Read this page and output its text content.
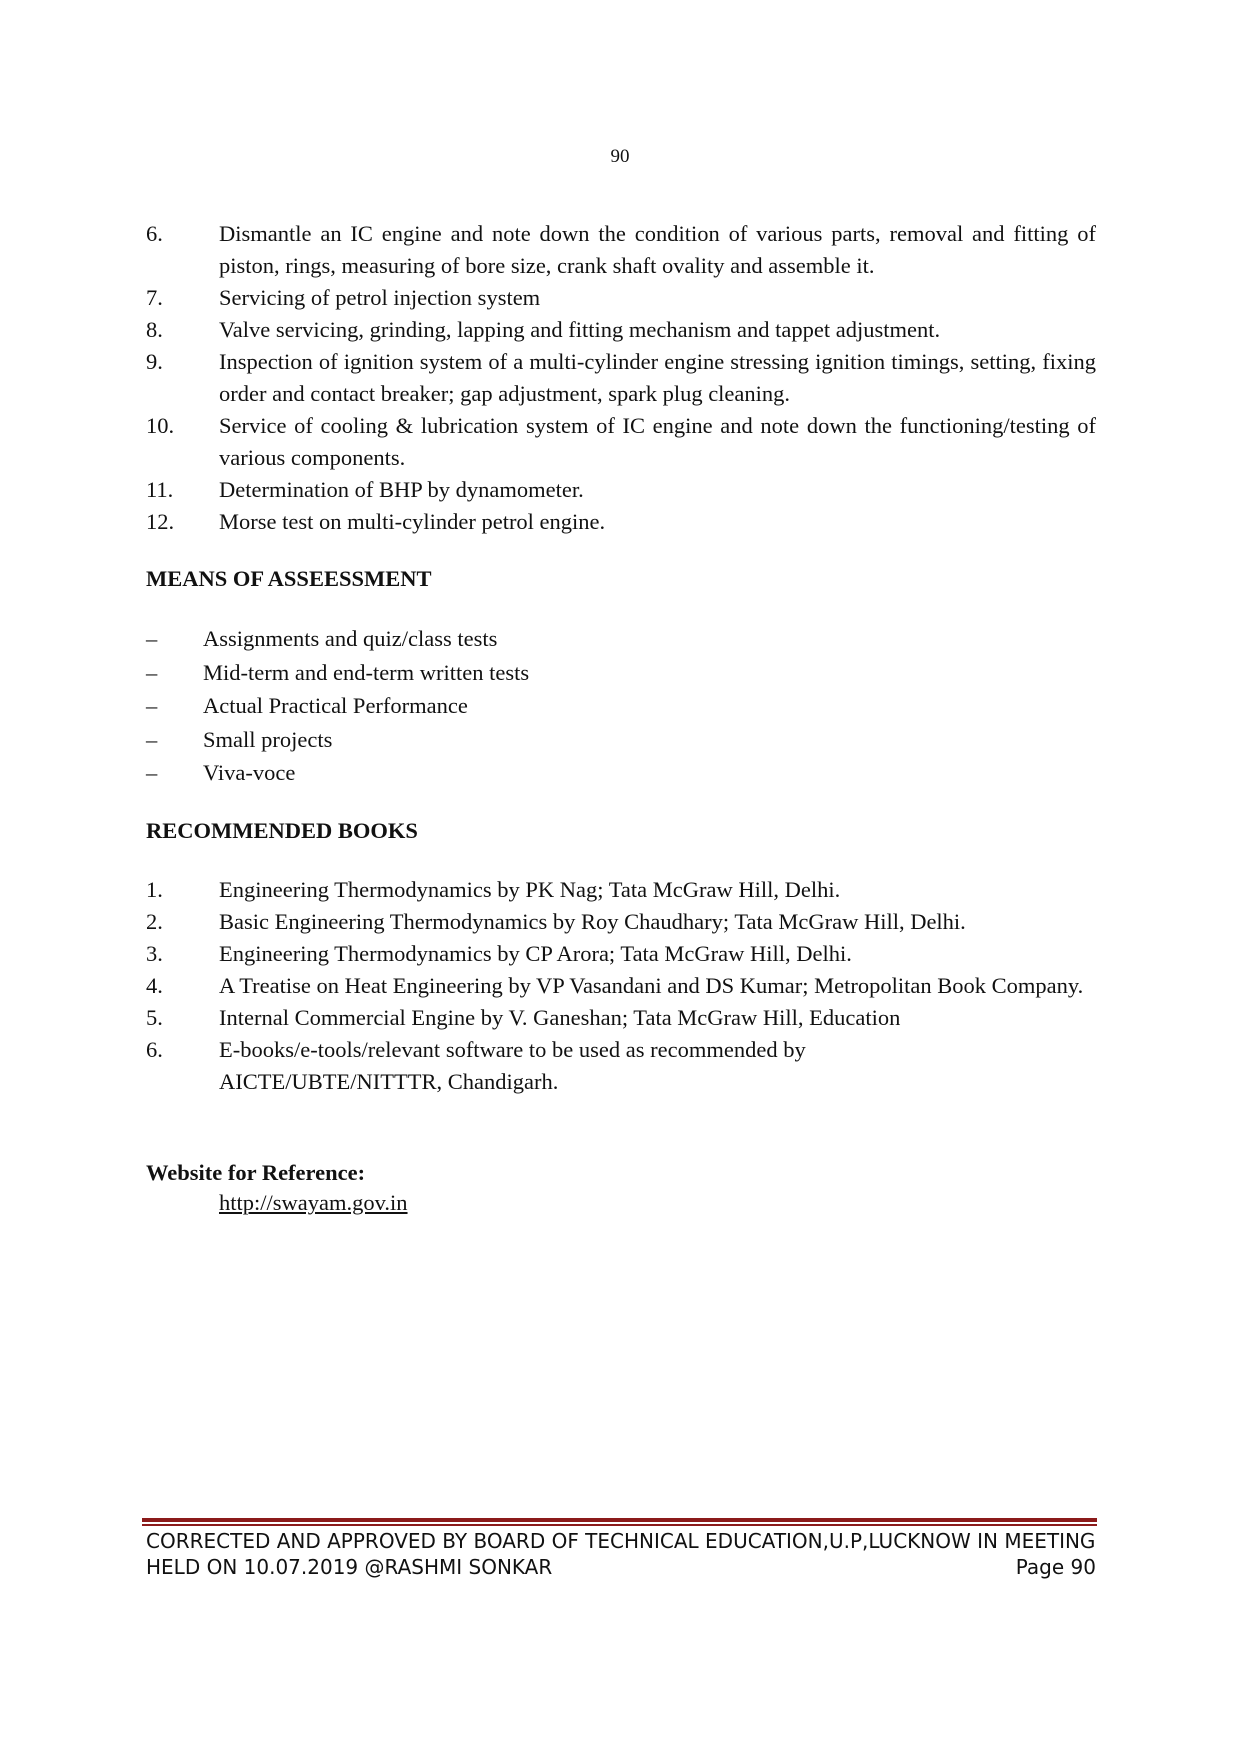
90
6.	Dismantle an IC engine and note down the condition of various parts, removal and fitting of piston, rings, measuring of bore size, crank shaft ovality and assemble it.
7.	Servicing of petrol injection system
8.	Valve servicing, grinding, lapping and fitting mechanism and tappet adjustment.
9.	Inspection of ignition system of a multi-cylinder engine stressing ignition timings, setting, fixing order and contact breaker; gap adjustment, spark plug cleaning.
10.	Service of cooling & lubrication system of IC engine and note down the functioning/testing of various components.
11.	Determination of BHP by dynamometer.
12.	Morse test on multi-cylinder petrol engine.
MEANS OF ASSEESSMENT
–	Assignments and quiz/class tests
–	Mid-term and end-term written tests
–	Actual Practical Performance
–	Small projects
–	Viva-voce
RECOMMENDED BOOKS
1.	Engineering Thermodynamics by PK Nag; Tata McGraw Hill, Delhi.
2.	Basic Engineering Thermodynamics by Roy Chaudhary; Tata McGraw Hill, Delhi.
3.	Engineering Thermodynamics by CP Arora; Tata McGraw Hill, Delhi.
4.	A Treatise on Heat Engineering by VP Vasandani and DS Kumar; Metropolitan Book Company.
5.	Internal Commercial Engine by V. Ganeshan; Tata McGraw Hill, Education
6.	E-books/e-tools/relevant software to be used as recommended by AICTE/UBTE/NITTTR, Chandigarh.
Website for Reference:
http://swayam.gov.in
CORRECTED AND APPROVED BY BOARD OF TECHNICAL EDUCATION,U.P,LUCKNOW IN MEETING
HELD ON 10.07.2019 @RASHMI SONKAR	Page 90
